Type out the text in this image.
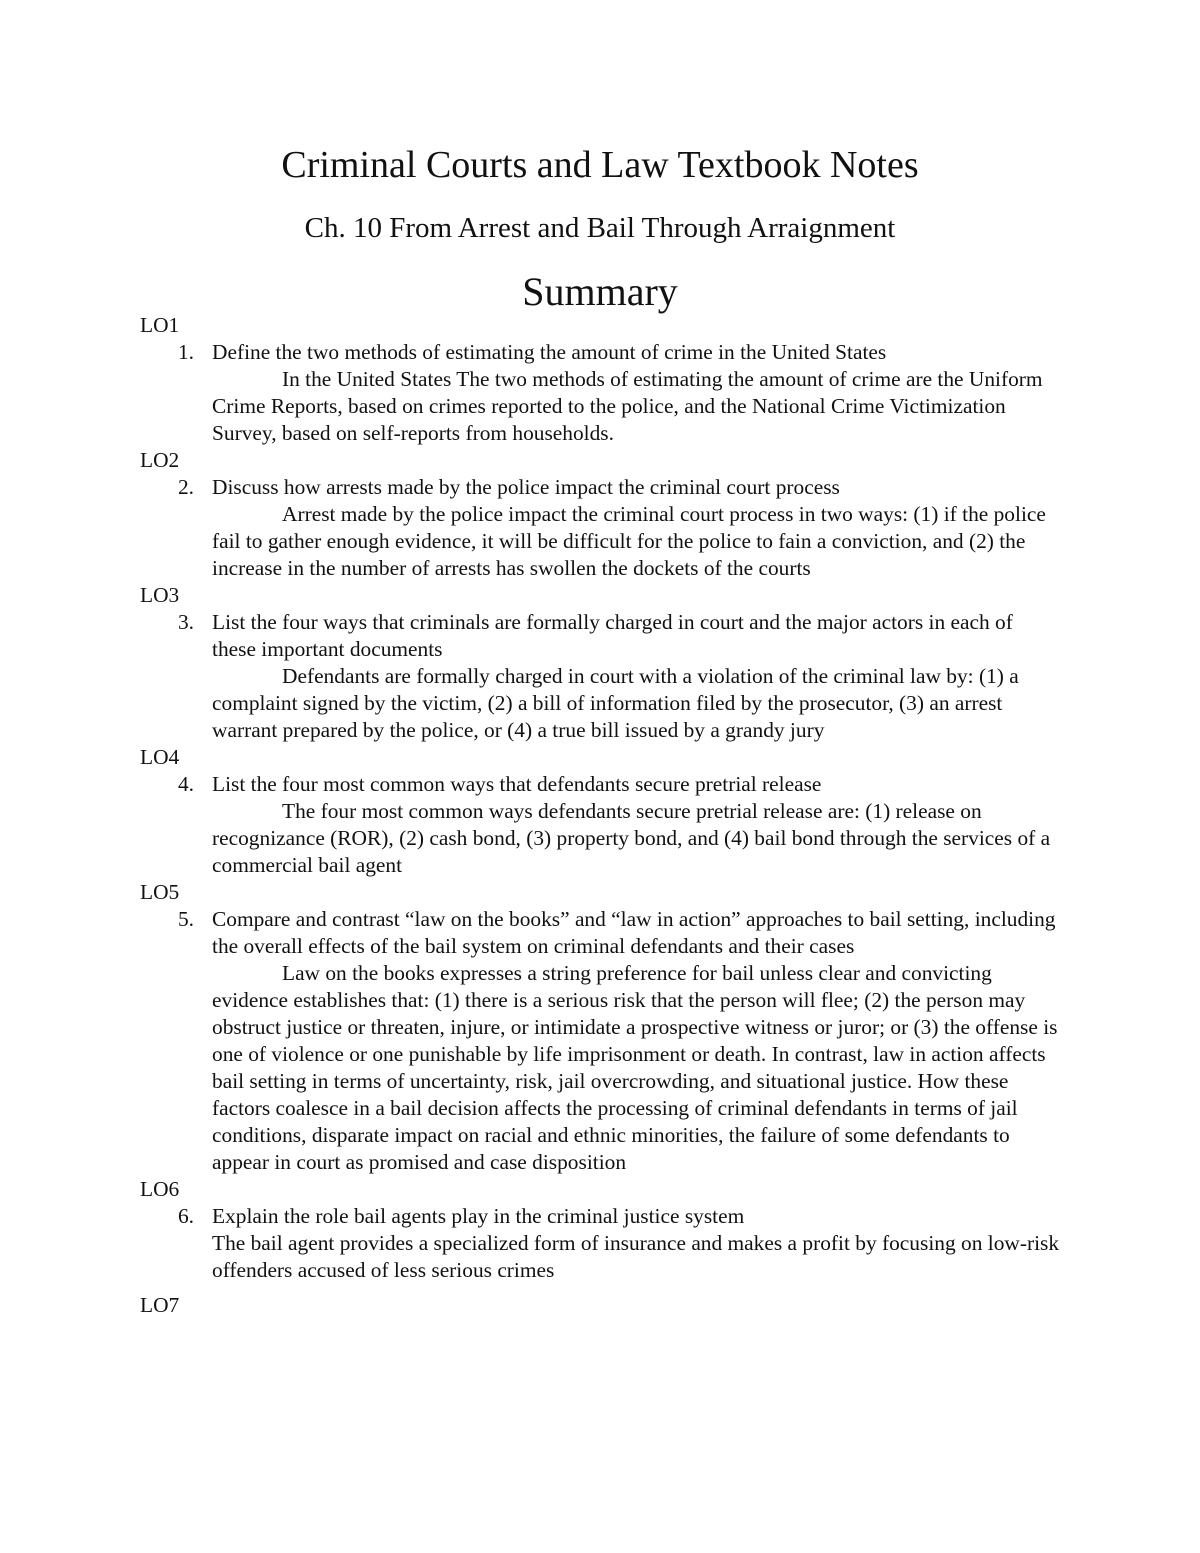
Criminal Courts and Law Textbook Notes
Ch. 10 From Arrest and Bail Through Arraignment
Summary
LO1
1. Define the two methods of estimating the amount of crime in the United States
In the United States The two methods of estimating the amount of crime are the Uniform Crime Reports, based on crimes reported to the police, and the National Crime Victimization Survey, based on self-reports from households.
LO2
2. Discuss how arrests made by the police impact the criminal court process
Arrest made by the police impact the criminal court process in two ways: (1) if the police fail to gather enough evidence, it will be difficult for the police to fain a conviction, and (2) the increase in the number of arrests has swollen the dockets of the courts
LO3
3. List the four ways that criminals are formally charged in court and the major actors in each of these important documents
Defendants are formally charged in court with a violation of the criminal law by: (1) a complaint signed by the victim, (2) a bill of information filed by the prosecutor, (3) an arrest warrant prepared by the police, or (4) a true bill issued by a grandy jury
LO4
4. List the four most common ways that defendants secure pretrial release
The four most common ways defendants secure pretrial release are: (1) release on recognizance (ROR), (2) cash bond, (3) property bond, and (4) bail bond through the services of a commercial bail agent
LO5
5. Compare and contrast “law on the books” and “law in action” approaches to bail setting, including the overall effects of the bail system on criminal defendants and their cases
Law on the books expresses a string preference for bail unless clear and convicting evidence establishes that: (1) there is a serious risk that the person will flee; (2) the person may obstruct justice or threaten, injure, or intimidate a prospective witness or juror; or (3) the offense is one of violence or one punishable by life imprisonment or death. In contrast, law in action affects bail setting in terms of uncertainty, risk, jail overcrowding, and situational justice. How these factors coalesce in a bail decision affects the processing of criminal defendants in terms of jail conditions, disparate impact on racial and ethnic minorities, the failure of some defendants to appear in court as promised and case disposition
LO6
6. Explain the role bail agents play in the criminal justice system
The bail agent provides a specialized form of insurance and makes a profit by focusing on low-risk offenders accused of less serious crimes
LO7
